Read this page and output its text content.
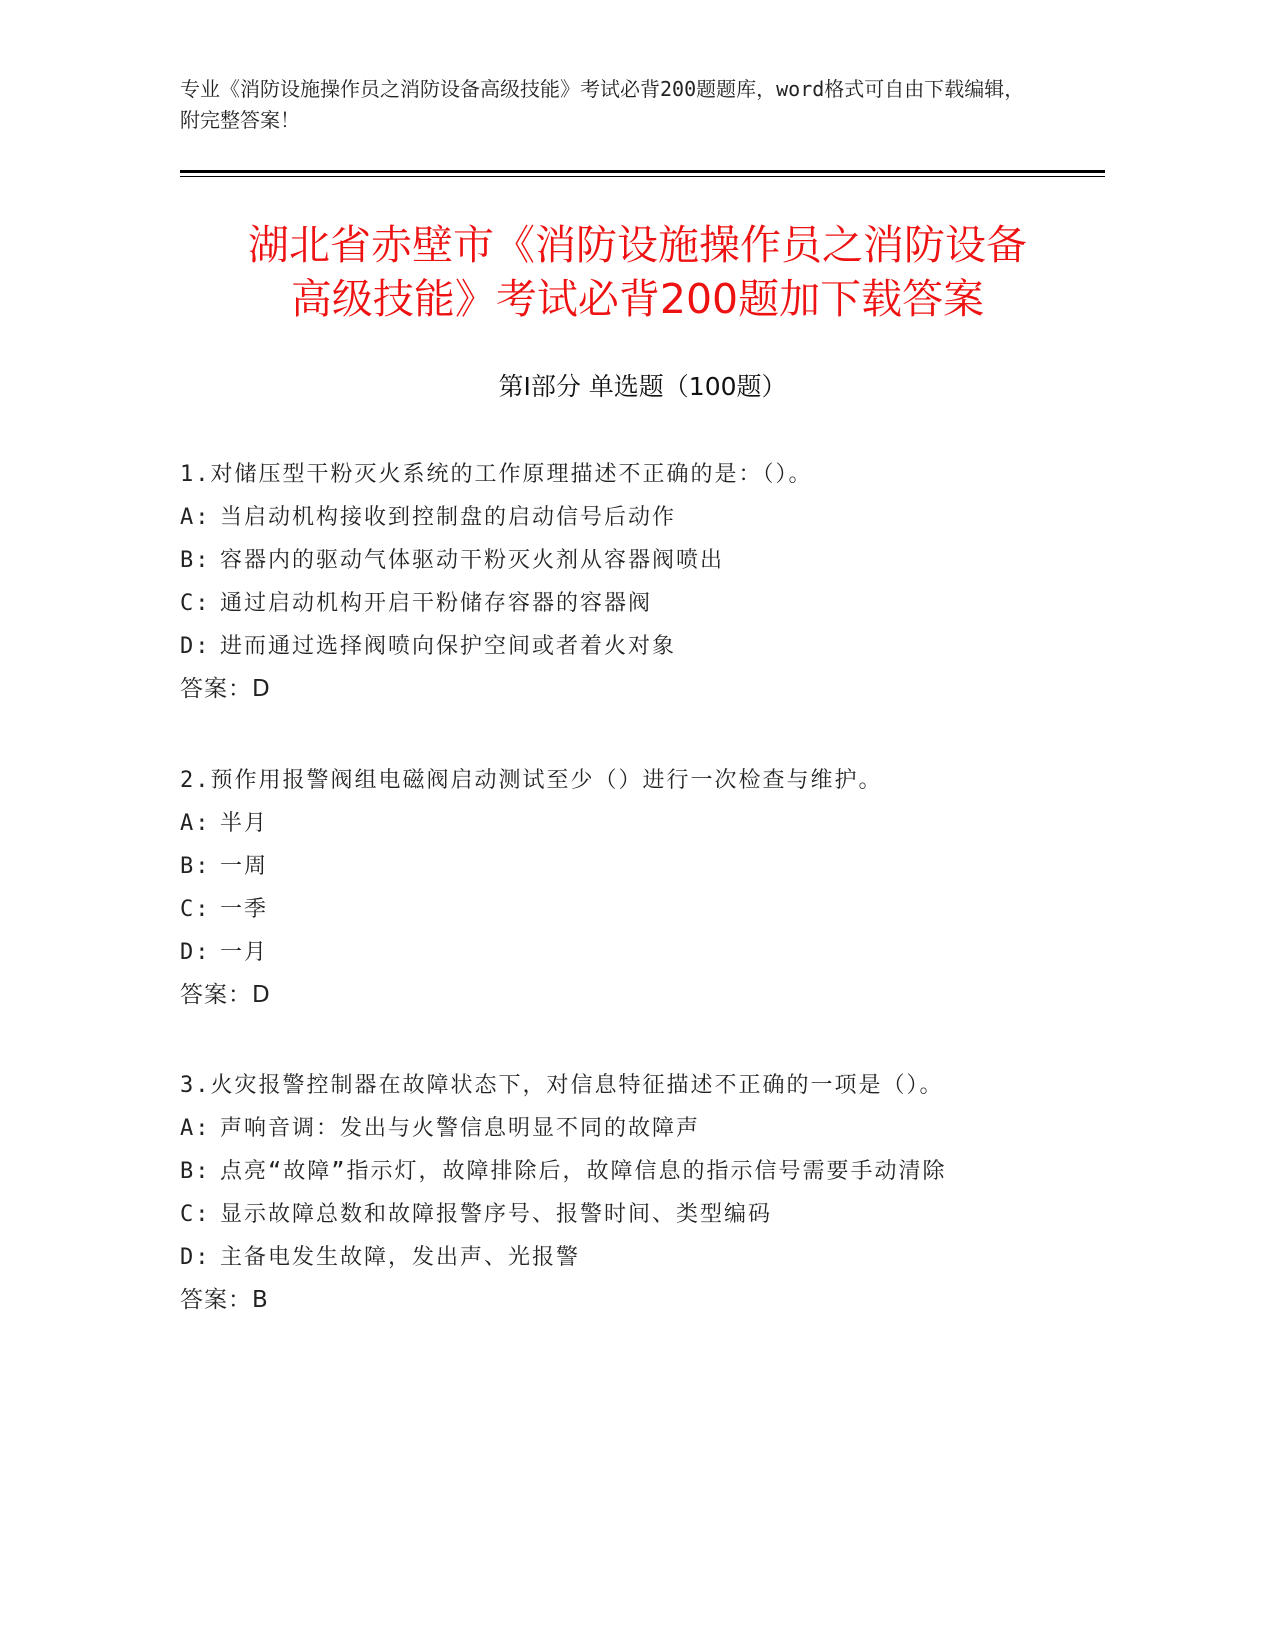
专业《消防设施操作员之消防设备高级技能》考试必背200题题库，word格式可自由下载编辑，附完整答案！
湖北省赤壁市《消防设施操作员之消防设备
高级技能》考试必背200题加下载答案
第Ⅰ部分 单选题（100题）
1.对储压型干粉灭火系统的工作原理描述不正确的是：（）。
A: 当启动机构接收到控制盘的启动信号后动作
B: 容器内的驱动气体驱动干粉灭火剂从容器阀喷出
C: 通过启动机构开启干粉储存容器的容器阀
D: 进而通过选择阀喷向保护空间或者着火对象
答案：D
2.预作用报警阀组电磁阀启动测试至少（）进行一次检查与维护。
A: 半月
B: 一周
C: 一季
D: 一月
答案：D
3.火灾报警控制器在故障状态下，对信息特征描述不正确的一项是（）。
A: 声响音调：发出与火警信息明显不同的故障声
B: 点亮“故障”指示灯，故障排除后，故障信息的指示信号需要手动清除
C: 显示故障总数和故障报警序号、报警时间、类型编码
D: 主备电发生故障，发出声、光报警
答案：B
